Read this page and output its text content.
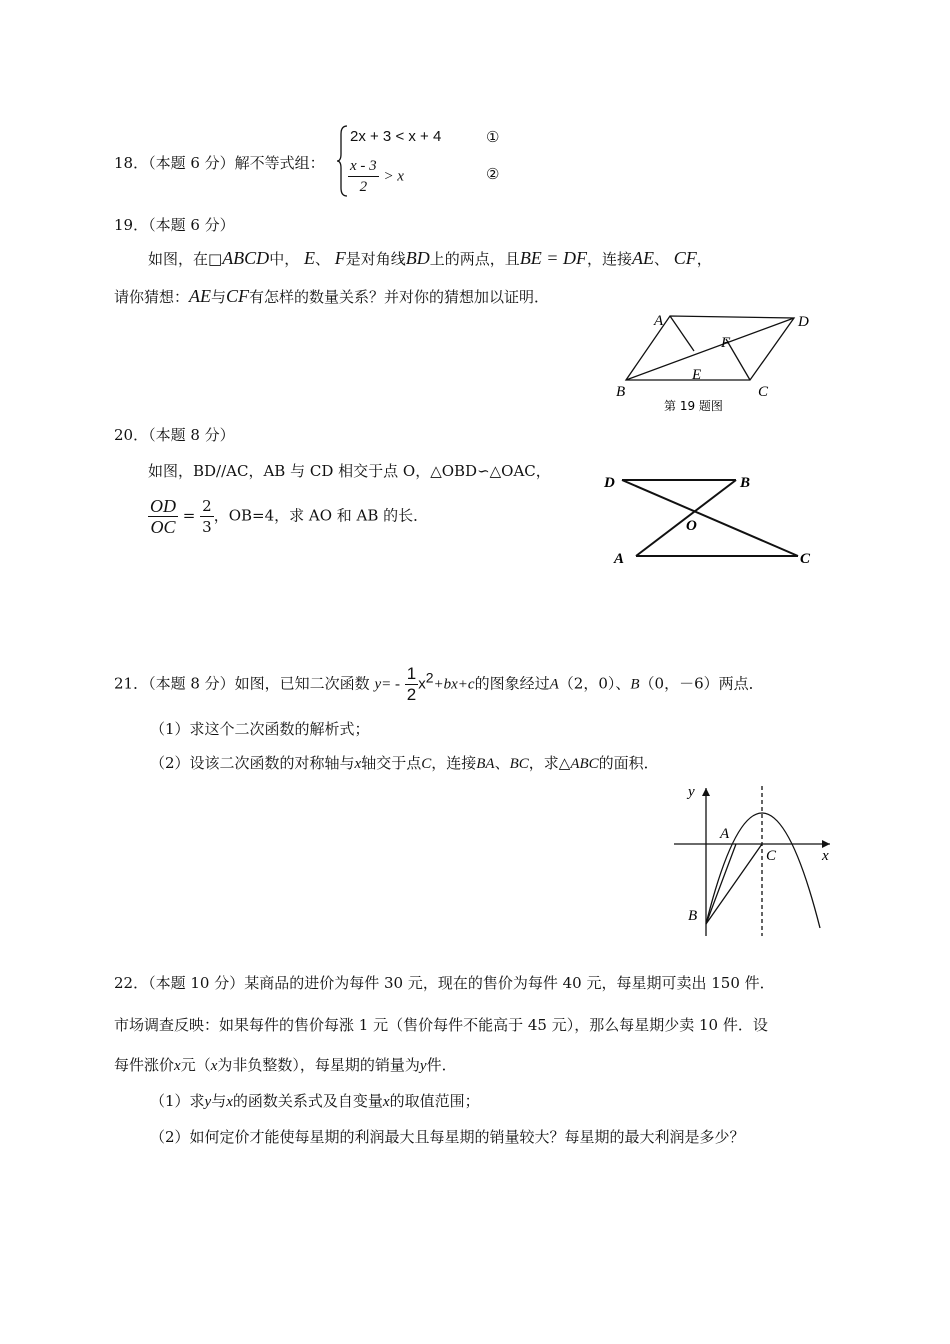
18．（本题 6 分）解不等式组：
2x + 3 < x + 4	①
$\frac{x - 3}{2} > x$	②
19．（本题 6 分）
如图，在□ABCD中， E、 F是对角线BD上的两点，且BE = DF，连接AE、 CF，
请你猜想：AE与CF有怎样的数量关系？并对你的猜想加以证明．
A	D
F
E
B	C
第 19 题图
20．（本题 8 分）
如图，BD//AC，AB 与 CD 相交于点 O，△OBD∽△OAC，
$\frac{OD}{OC} = \frac{2}{3}$ ，OB=4，求 AO 和 AB 的长．
D	B
O
A	C
21．（本题 8 分）如图，已知二次函数 $y= - \frac{1}{2} x^2+bx+c$的图象经过A（2，0）、B（0，－6）两点．
（1）求这个二次函数的解析式；
（2）设该二次函数的对称轴与x轴交于点C，连接BA、BC，求△ABC的面积．
y
x
A
C
B
22．（本题 10 分）某商品的进价为每件 30 元，现在的售价为每件 40 元，每星期可卖出 150 件．
市场调查反映：如果每件的售价每涨 1 元（售价每件不能高于 45 元），那么每星期少卖 10 件．设
每件涨价x元（x为非负整数），每星期的销量为y件．
（1）求y与x的函数关系式及自变量x的取值范围；
（2）如何定价才能使每星期的利润最大且每星期的销量较大？每星期的最大利润是多少？
